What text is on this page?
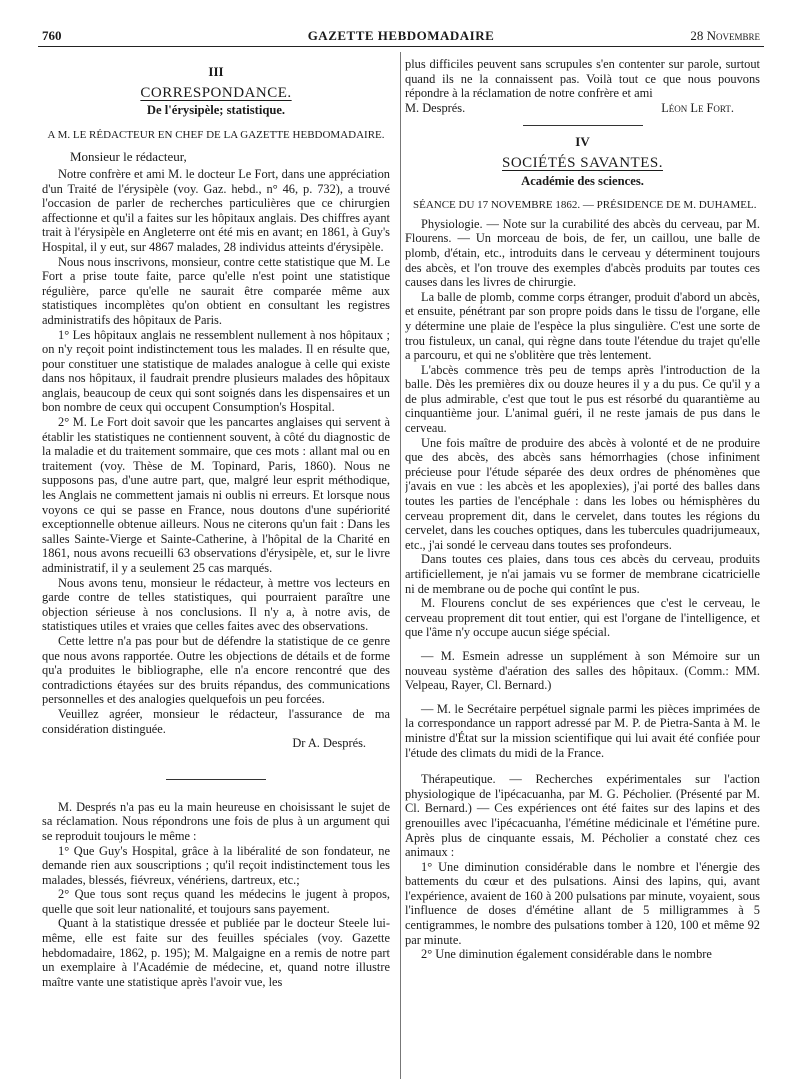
760	GAZETTE HEBDOMADAIRE	28 Novembre

III

CORRESPONDANCE.

De l'érysipèle; statistique.

A M. LE RÉDACTEUR EN CHEF DE LA GAZETTE HEBDOMADAIRE.

Monsieur le rédacteur,

Notre confrère et ami M. le docteur Le Fort, dans une appréciation d'un Traité de l'érysipèle (voy. Gaz. hebd., n° 46, p. 732), a trouvé l'occasion de parler de recherches particulières que ce chirurgien affectionne et qu'il a faites sur les hôpitaux anglais. Des chiffres ayant trait à l'érysipèle en Angleterre ont été mis en avant; en 1861, à Guy's Hospital, il y eut, sur 4867 malades, 28 individus atteints d'érysipèle.

Nous nous inscrivons, monsieur, contre cette statistique que M. Le Fort a prise toute faite, parce qu'elle n'est point une statistique régulière, parce qu'elle ne saurait être comparée même aux statistiques incomplètes qu'on obtient en consultant les registres administratifs des hôpitaux de Paris.

1° Les hôpitaux anglais ne ressemblent nullement à nos hôpitaux ; on n'y reçoit point indistinctement tous les malades. Il en résulte que, pour constituer une statistique de malades analogue à celle qui existe dans nos hôpitaux, il faudrait prendre plusieurs malades des hôpitaux anglais, beaucoup de ceux qui sont soignés dans les dispensaires et un bon nombre de ceux qui occupent Consumption's Hospital.

2° M. Le Fort doit savoir que les pancartes anglaises qui servent à établir les statistiques ne contiennent souvent, à côté du diagnostic de la maladie et du traitement sommaire, que ces mots : allant mal ou en traitement (voy. Thèse de M. Topinard, Paris, 1860). Nous ne supposons pas, d'une autre part, que, malgré leur esprit méthodique, les Anglais ne commettent jamais ni oublis ni erreurs. Et lorsque nous voyons ce qui se passe en France, nous doutons d'une supériorité exceptionnelle obtenue ailleurs. Nous ne citerons qu'un fait : Dans les salles Sainte-Vierge et Sainte-Catherine, à l'hôpital de la Charité en 1861, nous avons recueilli 63 observations d'érysipèle, et, sur le livre administratif, il y a seulement 25 cas marqués.

Nous avons tenu, monsieur le rédacteur, à mettre vos lecteurs en garde contre de telles statistiques, qui pourraient paraître une objection sérieuse à nos conclusions. Il n'y a, à notre avis, de statistiques utiles et vraies que celles faites avec des observations.

Cette lettre n'a pas pour but de défendre la statistique de ce genre que nous avons rapportée. Outre les objections de détails et de forme qu'a produites le bibliographe, elle n'a encore rencontré que des contradictions étayées sur des bruits répandus, des communications personnelles et des analogies quelquefois un peu forcées.

Veuillez agréer, monsieur le rédacteur, l'assurance de ma considération distinguée.

Dr A. Després.

M. Després n'a pas eu la main heureuse en choisissant le sujet de sa réclamation. Nous répondrons une fois de plus à un argument qui se reproduit toujours le même :

1° Que Guy's Hospital, grâce à la libéralité de son fondateur, ne demande rien aux souscriptions ; qu'il reçoit indistinctement tous les malades, blessés, fiévreux, vénériens, dartreux, etc.;

2° Que tous sont reçus quand les médecins le jugent à propos, quelle que soit leur nationalité, et toujours sans payement.

Quant à la statistique dressée et publiée par le docteur Steele lui-même, elle est faite sur des feuilles spéciales (voy. Gazette hebdomadaire, 1862, p. 195); M. Malgaigne en a remis de notre part un exemplaire à l'Académie de médecine, et, quand notre illustre maître vante une statistique après l'avoir vue, les

plus difficiles peuvent sans scrupules s'en contenter sur parole, surtout quand ils ne la connaissent pas. Voilà tout ce que nous pouvons répondre à la réclamation de notre confrère et ami

M. Després.	Léon Le Fort.

IV

SOCIÉTÉS SAVANTES.

Académie des sciences.

SÉANCE DU 17 NOVEMBRE 1862. — PRÉSIDENCE DE M. DUHAMEL.

Physiologie. — Note sur la curabilité des abcès du cerveau, par M. Flourens. — Un morceau de bois, de fer, un caillou, une balle de plomb, d'étain, etc., introduits dans le cerveau y déterminent toujours des abcès, et l'on trouve des exemples d'abcès produits par toutes ces causes dans les livres de chirurgie.

La balle de plomb, comme corps étranger, produit d'abord un abcès, et ensuite, pénétrant par son propre poids dans le tissu de l'organe, elle y détermine une plaie de l'espèce la plus singulière. C'est une sorte de trou fistuleux, un canal, qui règne dans toute l'étendue du trajet qu'elle a parcouru, et qui ne s'oblitère que très lentement.

L'abcès commence très peu de temps après l'introduction de la balle. Dès les premières dix ou douze heures il y a du pus. Ce qu'il y a de plus admirable, c'est que tout le pus est résorbé du quarantième au cinquantième jour. L'animal guéri, il ne reste jamais de pus dans le cerveau.

Une fois maître de produire des abcès à volonté et de ne produire que des abcès, des abcès sans hémorrhagies (chose infiniment précieuse pour l'étude séparée des deux ordres de phénomènes que j'avais en vue : les abcès et les apoplexies), j'ai porté des balles dans toutes les parties de l'encéphale : dans les lobes ou hémisphères du cerveau proprement dit, dans le cervelet, dans toutes les régions du cervelet, dans les couches optiques, dans les tubercules quadrijumeaux, etc., j'ai sondé le cerveau dans toutes ses profondeurs.

Dans toutes ces plaies, dans tous ces abcès du cerveau, produits artificiellement, je n'ai jamais vu se former de membrane cicatricielle ni de membrane ou de poche qui contînt le pus.

M. Flourens conclut de ses expériences que c'est le cerveau, le cerveau proprement dit tout entier, qui est l'organe de l'intelligence, et que l'âme n'y occupe aucun siége spécial.

— M. Esmein adresse un supplément à son Mémoire sur un nouveau système d'aération des salles des hôpitaux. (Comm.: MM. Velpeau, Rayer, Cl. Bernard.)

— M. le Secrétaire perpétuel signale parmi les pièces imprimées de la correspondance un rapport adressé par M. P. de Pietra-Santa à M. le ministre d'État sur la mission scientifique qui lui avait été confiée pour l'étude des climats du midi de la France.

Thérapeutique. — Recherches expérimentales sur l'action physiologique de l'ipécacuanha, par M. G. Pécholier. (Présenté par M. Cl. Bernard.) — Ces expériences ont été faites sur des lapins et des grenouilles avec l'ipécacuanha, l'émétine médicinale et l'émétine pure. Après plus de cinquante essais, M. Pécholier a constaté chez ces animaux :

1° Une diminution considérable dans le nombre et l'énergie des battements du cœur et des pulsations. Ainsi des lapins, qui, avant l'expérience, avaient de 160 à 200 pulsations par minute, voyaient, sous l'influence de doses d'émétine allant de 5 milligrammes à 5 centigrammes, le nombre des pulsations tomber à 120, 100 et même 92 par minute.

2° Une diminution également considérable dans le nombre
